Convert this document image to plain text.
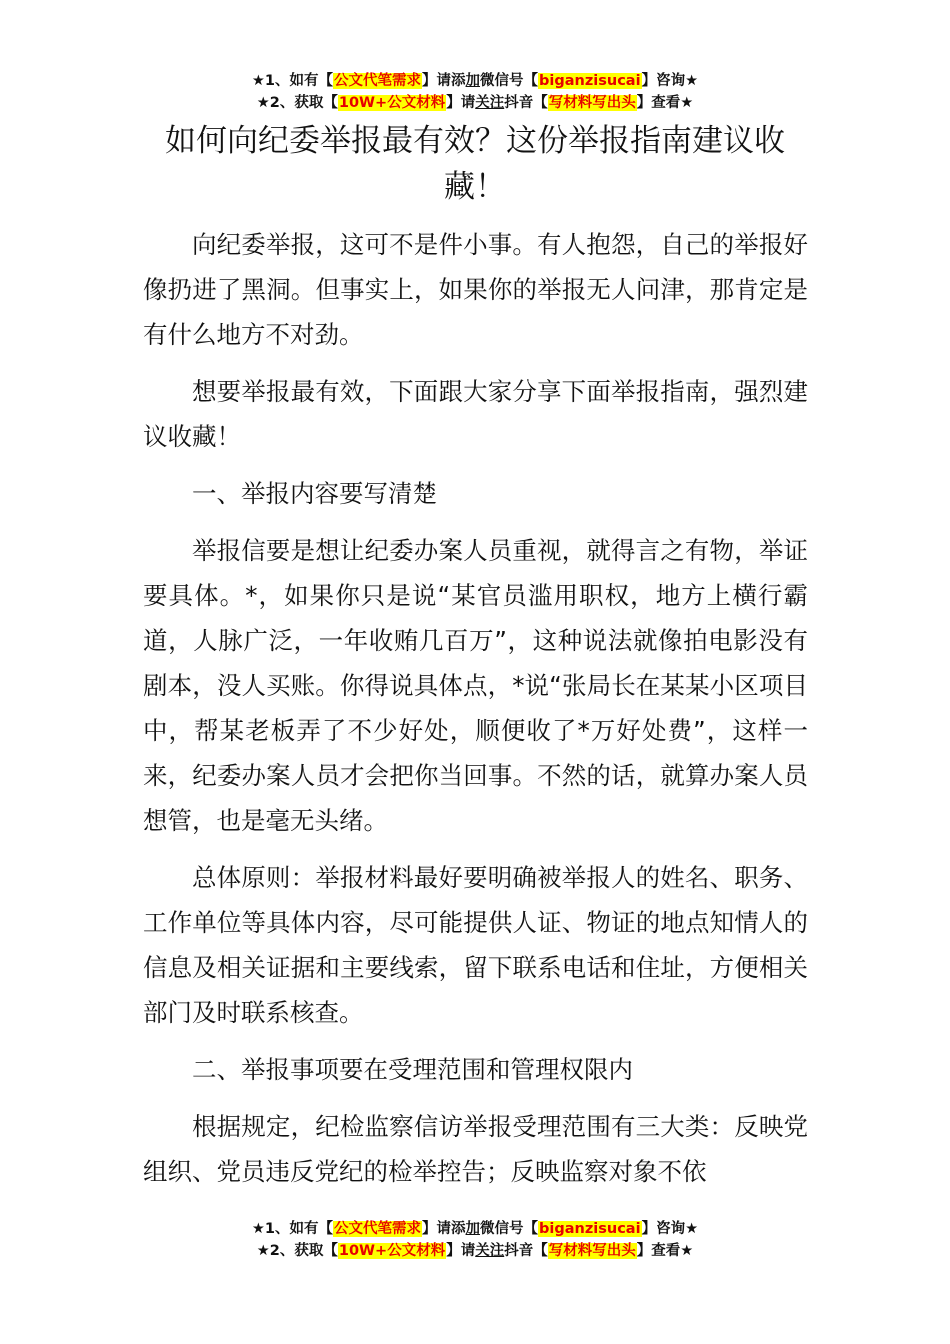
★1、如有【公文代笔需求】请添加微信号【biganzisucai】咨询★
★2、获取【10W+公文材料】请关注抖音【写材料写出头】查看★
如何向纪委举报最有效？这份举报指南建议收藏！

向纪委举报，这可不是件小事。有人抱怨，自己的举报好像扔进了黑洞。但事实上，如果你的举报无人问津，那肯定是有什么地方不对劲。

想要举报最有效，下面跟大家分享下面举报指南，强烈建议收藏！

一、举报内容要写清楚

举报信要是想让纪委办案人员重视，就得言之有物，举证要具体。*，如果你只是说“某官员滥用职权，地方上横行霸道，人脉广泛，一年收贿几百万”，这种说法就像拍电影没有剧本，没人买账。你得说具体点，*说“张局长在某某小区项目中，帮某老板弄了不少好处，顺便收了*万好处费”，这样一来，纪委办案人员才会把你当回事。不然的话，就算办案人员想管，也是毫无头绪。

总体原则：举报材料最好要明确被举报人的姓名、职务、工作单位等具体内容，尽可能提供人证、物证的地点知情人的信息及相关证据和主要线索，留下联系电话和住址，方便相关部门及时联系核查。

二、举报事项要在受理范围和管理权限内

根据规定，纪检监察信访举报受理范围有三大类：反映党组织、党员违反党纪的检举控告；反映监察对象不依

★1、如有【公文代笔需求】请添加微信号【biganzisucai】咨询★
★2、获取【10W+公文材料】请关注抖音【写材料写出头】查看★
